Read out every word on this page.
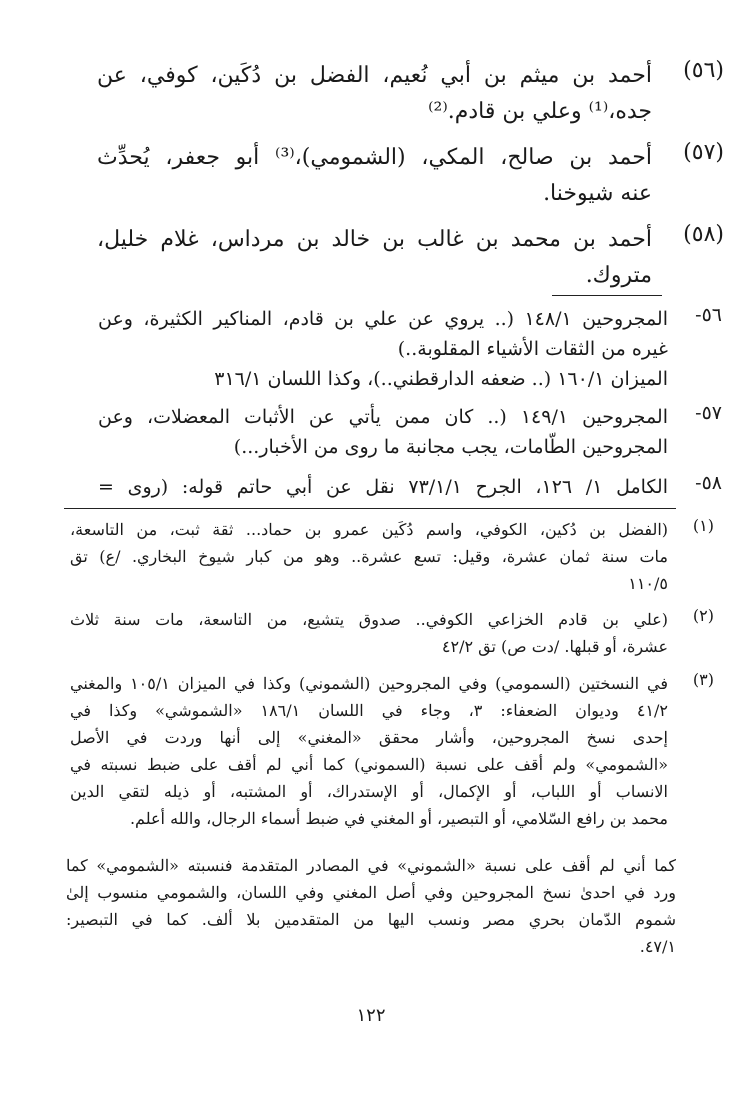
(٥٦)
أحمد بن ميثم بن أبي نُعيم، الفضل بن دُكَين، كوفي، عن
جده،⁽¹⁾ وعلي بن قادم.⁽²⁾
(٥٧)
أحمد بن صالح، المكي، (الشمومي)،⁽³⁾ أبو جعفر، يُحدِّث
عنه شيوخنا.
(٥٨)
أحمد بن محمد بن غالب بن خالد بن مرداس، غلام خليل،
متروك.
٥٦-
المجروحين ١٤٨/١ (.. يروي عن علي بن قادم، المناكير الكثيرة، وعن
غيره من الثقات الأشياء المقلوبة..)
الميزان ١٦٠/١ (.. ضعفه الدارقطني..)، وكذا اللسان ٣١٦/١
٥٧-
المجروحين ١٤٩/١ (.. كان ممن يأتي عن الأثبات المعضلات، وعن
المجروحين الطّامات، يجب مجانبة ما روى من الأخبار...)
٥٨-
الكامل ١/ ١٢٦، الجرح ٧٣/١/١ نقل عن أبي حاتم قوله: (روى =
(١)
(الفضل بن دُكين، الكوفي، واسم دُكَين عمرو بن حماد... ثقة ثبت، من التاسعة،
مات سنة ثمان عشرة، وقيل: تسع عشرة.. وهو من كبار شيوخ البخاري. /ع) تق
١١٠/٥
(٢)
(علي بن قادم الخزاعي الكوفي.. صدوق يتشيع، من التاسعة، مات سنة ثلاث
عشرة، أو قبلها. /دت ص) تق ٤٢/٢
(٣)
في النسختين (السمومي) وفي المجروحين (الشموني) وكذا في الميزان ١٠٥/١ والمغني
٤١/٢ وديوان الضعفاء: ٣، وجاء في اللسان ١٨٦/١ «الشموشي» وكذا في
إحدى نسخ المجروحين، وأشار محقق «المغني» إلى أنها وردت في الأصل
«الشمومي» ولم أقف على نسبة (السموني) كما أني لم أقف على ضبط نسبته في
الانساب أو اللباب، أو الإكمال، أو الإستدراك، أو المشتبه، أو ذيله لتقي الدين
محمد بن رافع السّلامي، أو التبصير، أو المغني في ضبط أسماء الرجال، والله أعلم.
كما أني لم أقف على نسبة «الشموني» في المصادر المتقدمة فنسبته «الشمومي» كما
ورد في احدىٰ نسخ المجروحين وفي أصل المغني وفي اللسان، والشمومي منسوب إلىٰ
شموم الدّمان بحري مصر ونسب اليها من المتقدمين بلا ألف. كما في التبصير:
٤٧/١.
١٢٢
